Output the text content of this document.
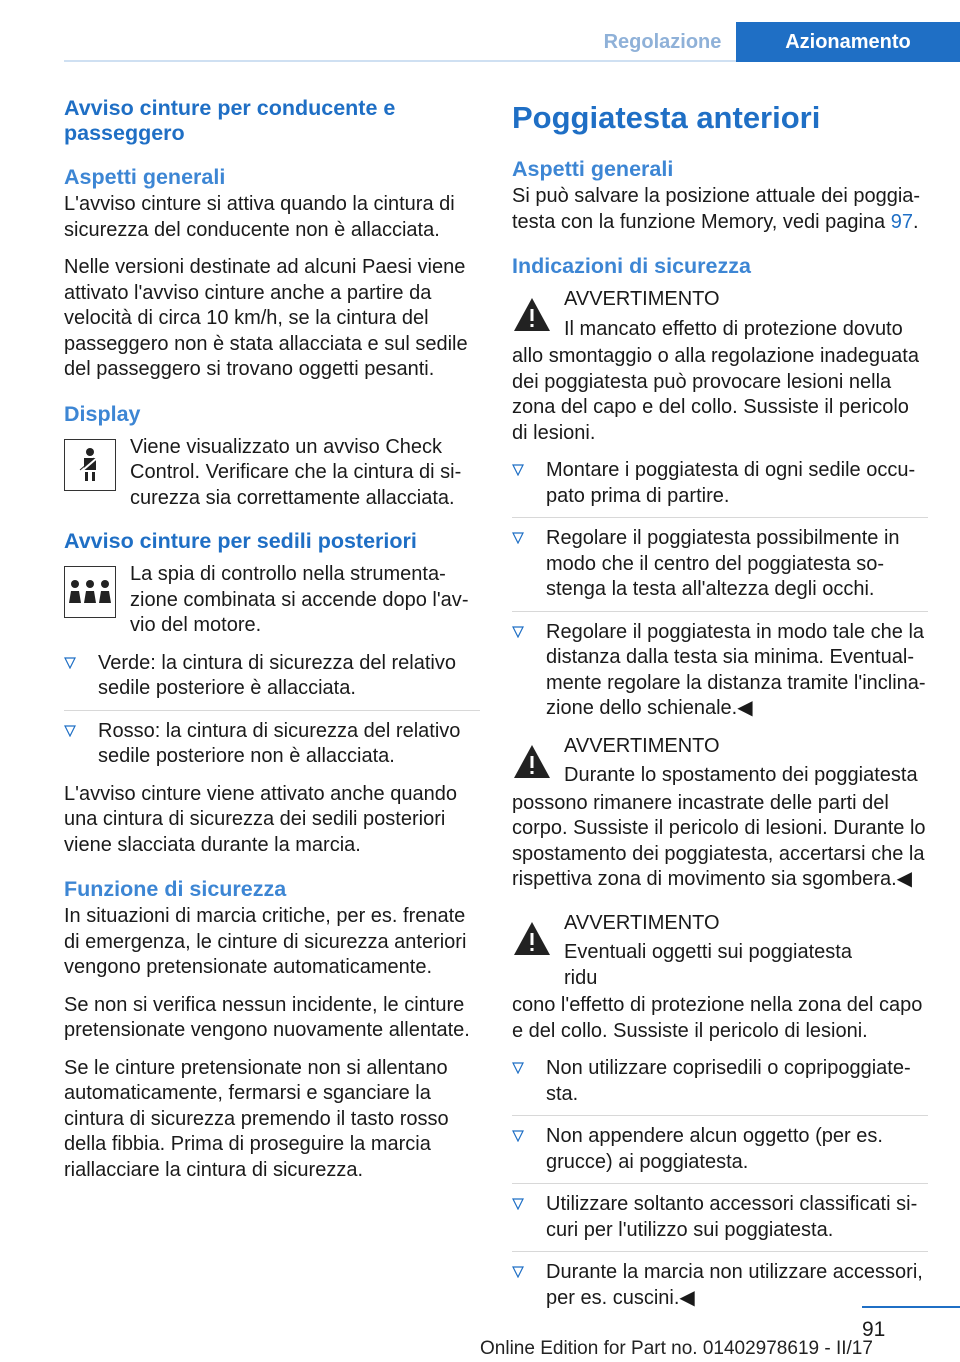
Regolazione	Azionamento
Avviso cinture per conducente e passeggero
Aspetti generali

L'avviso cinture si attiva quando la cintura di sicurezza del conducente non è allacciata.

Nelle versioni destinate ad alcuni Paesi viene attivato l'avviso cinture anche a partire da velocità di circa 10 km/h, se la cintura del passeggero non è stata allacciata e sul sedile del passeggero si trovano oggetti pesanti.

Display

Viene visualizzato un avviso Check Control. Verificare che la cintura di sicurezza sia correttamente allacciata.

Avviso cinture per sedili posteriori

La spia di controllo nella strumentazione combinata si accende dopo l'avvio del motore.

Verde: la cintura di sicurezza del relativo sedile posteriore è allacciata.
Rosso: la cintura di sicurezza del relativo sedile posteriore non è allacciata.

L'avviso cinture viene attivato anche quando una cintura di sicurezza dei sedili posteriori viene slacciata durante la marcia.

Funzione di sicurezza

In situazioni di marcia critiche, per es. frenate di emergenza, le cinture di sicurezza anteriori vengono pretensionate automaticamente.

Se non si verifica nessun incidente, le cinture pretensionate vengono nuovamente allentate.

Se le cinture pretensionate non si allentano automaticamente, fermarsi e sganciare la cintura di sicurezza premendo il tasto rosso della fibbia. Prima di proseguire la marcia riallacciare la cintura di sicurezza.

Poggiatesta anteriori
Aspetti generali

Si può salvare la posizione attuale dei poggiatesta con la funzione Memory, vedi pagina 97.

Indicazioni di sicurezza

AVVERTIMENTO

Il mancato effetto di protezione dovuto

allo smontaggio o alla regolazione inadeguata dei poggiatesta può provocare lesioni nella zona del capo e del collo. Sussiste il pericolo di lesioni.

Montare i poggiatesta di ogni sedile occupato prima di partire.
Regolare il poggiatesta possibilmente in modo che il centro del poggiatesta sostenga la testa all'altezza degli occhi.
Regolare il poggiatesta in modo tale che la distanza dalla testa sia minima. Eventualmente regolare la distanza tramite l'inclinazione dello schienale.◀

AVVERTIMENTO

Durante lo spostamento dei poggiatesta

possono rimanere incastrate delle parti del corpo. Sussiste il pericolo di lesioni. Durante lo spostamento dei poggiatesta, accertarsi che la rispettiva zona di movimento sia sgombera.◀

AVVERTIMENTO

Eventuali oggetti sui poggiatesta ridu

cono l'effetto di protezione nella zona del capo e del collo. Sussiste il pericolo di lesioni.

Non utilizzare coprisedili o copripoggiatesta.
Non appendere alcun oggetto (per es. grucce) ai poggiatesta.
Utilizzare soltanto accessori classificati sicuri per l'utilizzo sui poggiatesta.
Durante la marcia non utilizzare accessori, per es. cuscini.◀
91
Online Edition for Part no. 01402978619 - II/17
